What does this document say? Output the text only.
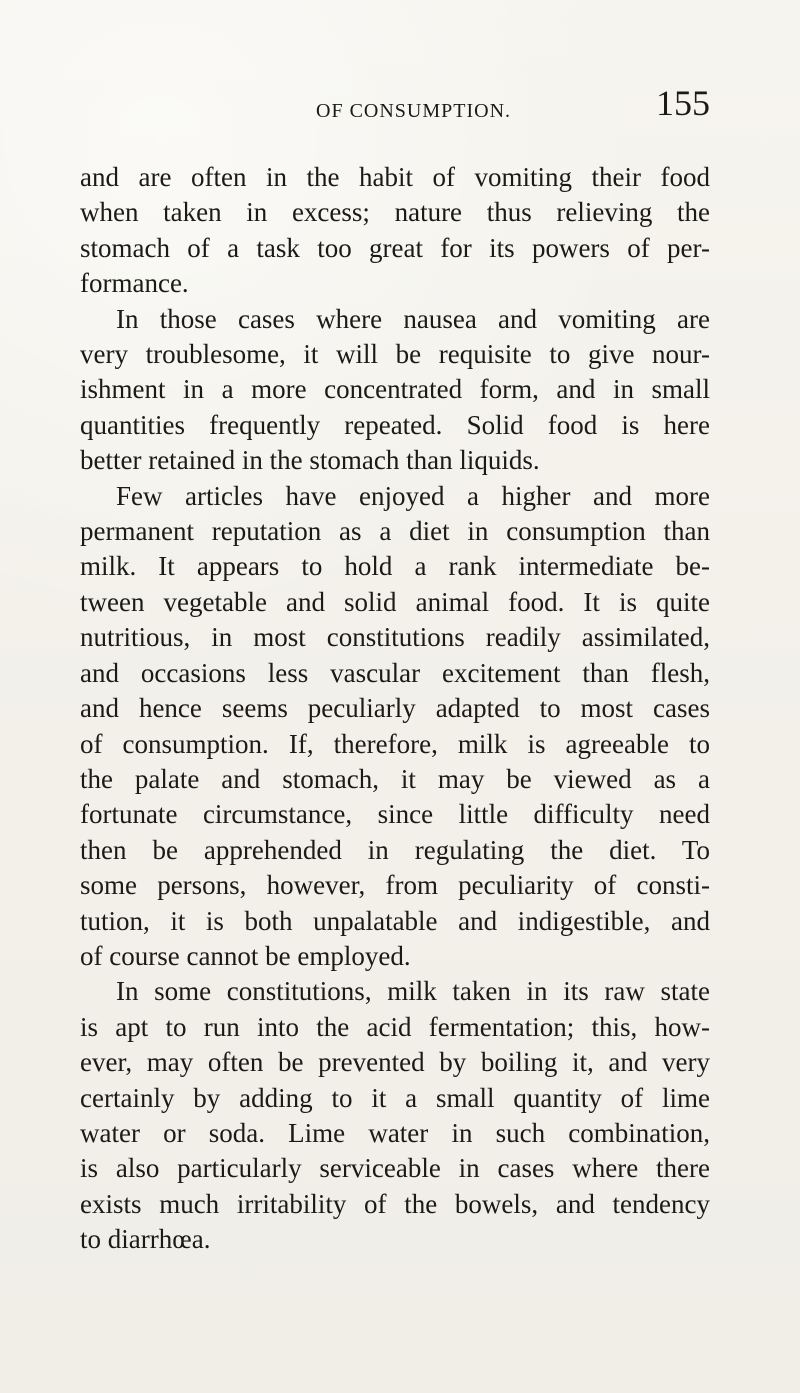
OF CONSUMPTION.	155
and are often in the habit of vomiting their food
when taken in excess; nature thus relieving the
stomach of a task too great for its powers of per-
formance.
In those cases where nausea and vomiting are
very troublesome, it will be requisite to give nour-
ishment in a more concentrated form, and in small
quantities frequently repeated. Solid food is here
better retained in the stomach than liquids.
Few articles have enjoyed a higher and more
permanent reputation as a diet in consumption than
milk. It appears to hold a rank intermediate be-
tween vegetable and solid animal food. It is quite
nutritious, in most constitutions readily assimilated,
and occasions less vascular excitement than flesh,
and hence seems peculiarly adapted to most cases
of consumption. If, therefore, milk is agreeable to
the palate and stomach, it may be viewed as a
fortunate circumstance, since little difficulty need
then be apprehended in regulating the diet. To
some persons, however, from peculiarity of consti-
tution, it is both unpalatable and indigestible, and
of course cannot be employed.
In some constitutions, milk taken in its raw state
is apt to run into the acid fermentation; this, how-
ever, may often be prevented by boiling it, and very
certainly by adding to it a small quantity of lime
water or soda. Lime water in such combination,
is also particularly serviceable in cases where there
exists much irritability of the bowels, and tendency
to diarrhœa.
